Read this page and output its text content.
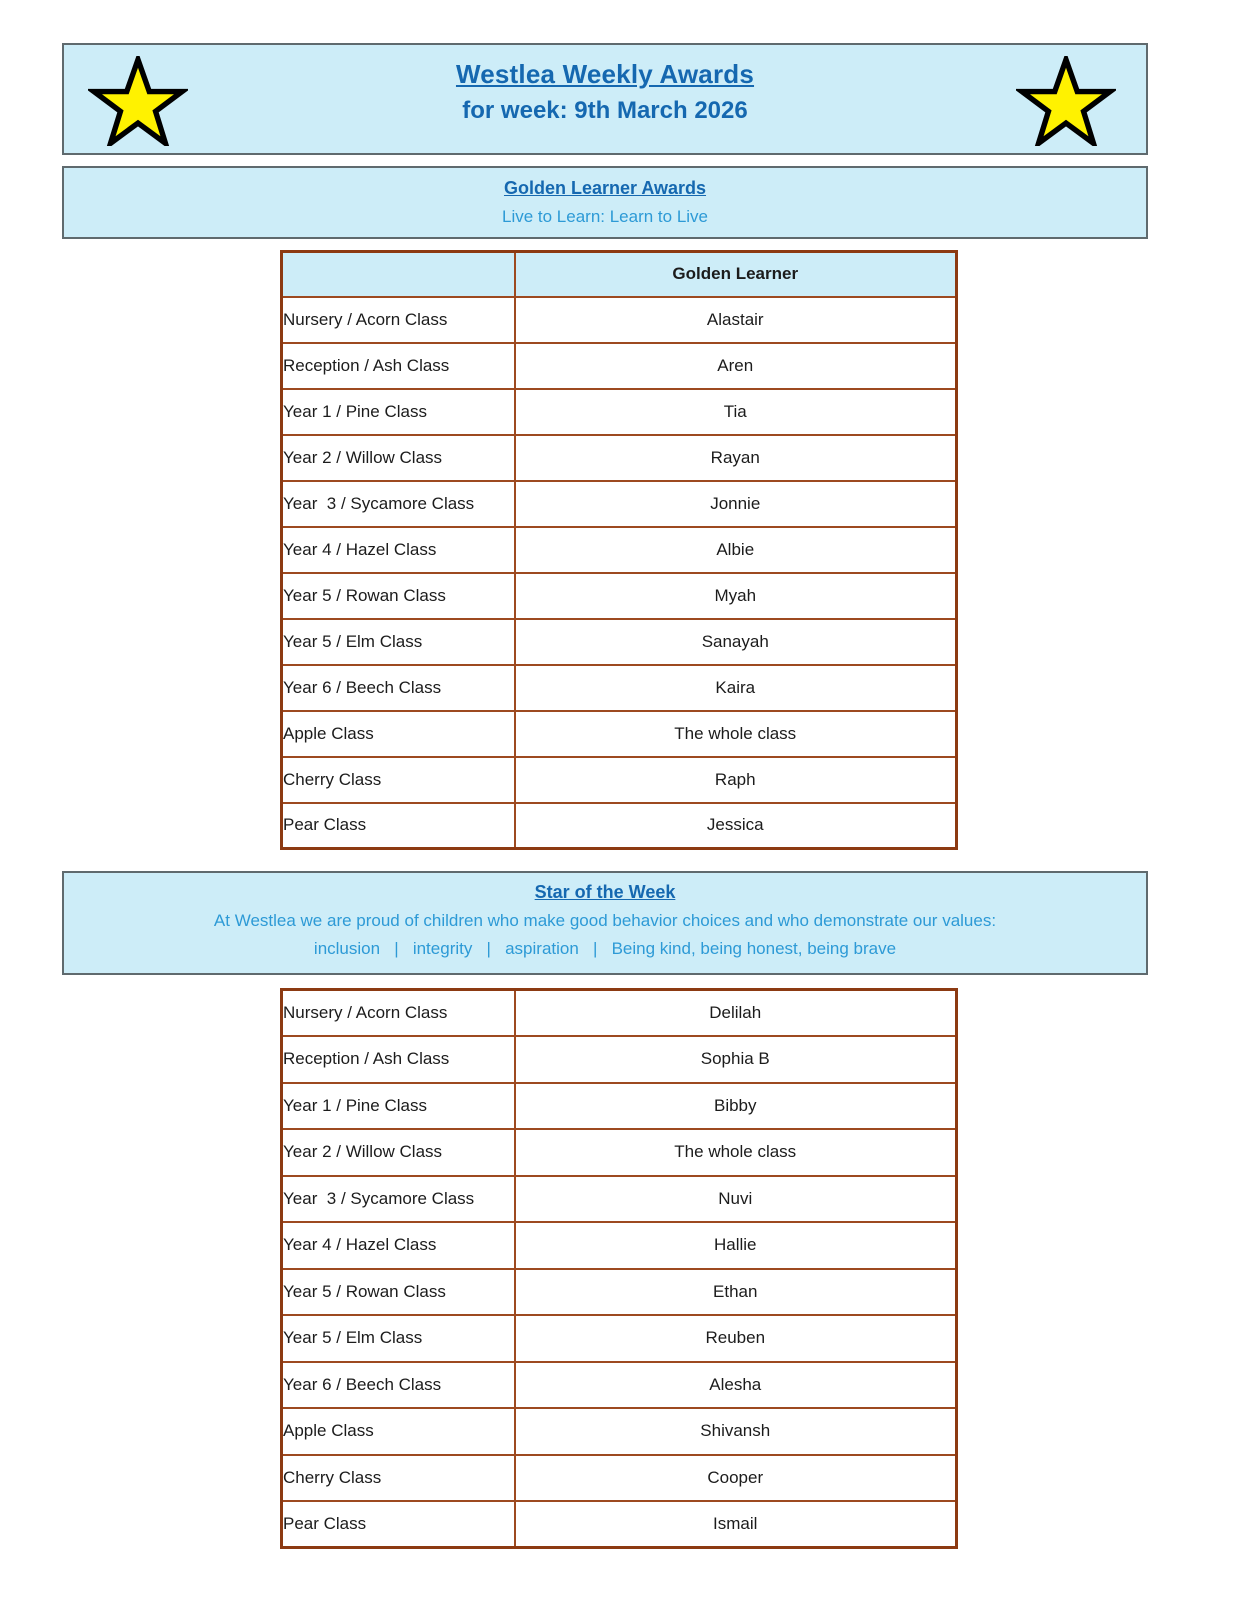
Westlea Weekly Awards
for week: 9th March 2026
Golden Learner Awards
Live to Learn: Learn to Live
	Golden Learner
Nursery / Acorn Class	Alastair
Reception / Ash Class	Aren
Year 1 / Pine Class	Tia
Year 2 / Willow Class	Rayan
Year  3 / Sycamore Class	Jonnie
Year 4 / Hazel Class	Albie
Year 5 / Rowan Class	Myah
Year 5 / Elm Class	Sanayah
Year 6 / Beech Class	Kaira
Apple Class	The whole class
Cherry Class	Raph
Pear Class	Jessica
Star of the Week
At Westlea we are proud of children who make good behavior choices and who demonstrate our values:
inclusion   |   integrity   |   aspiration   |   Being kind, being honest, being brave
Nursery / Acorn Class	Delilah
Reception / Ash Class	Sophia B
Year 1 / Pine Class	Bibby
Year 2 / Willow Class	The whole class
Year  3 / Sycamore Class	Nuvi
Year 4 / Hazel Class	Hallie
Year 5 / Rowan Class	Ethan
Year 5 / Elm Class	Reuben
Year 6 / Beech Class	Alesha
Apple Class	Shivansh
Cherry Class	Cooper
Pear Class	Ismail
